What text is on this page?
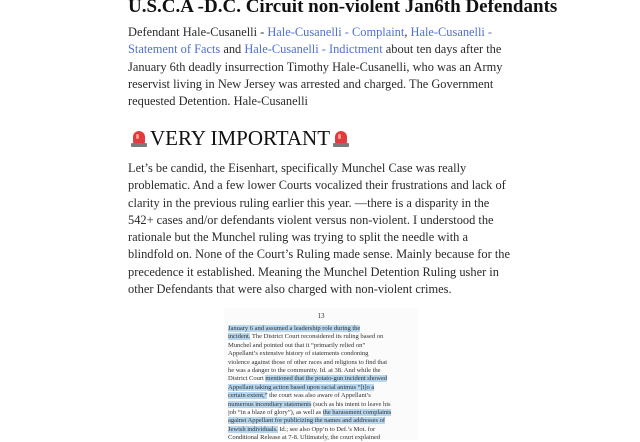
U.S.C.A -D.C. Circuit non-violent Jan6th Defendants

Defendant Hale-Cusanelli - Hale-Cusanelli - Complaint, Hale-Cusanelli - Statement of Facts and Hale-Cusanelli - Indictment about ten days after the January 6th deadly insurrection Timothy Hale-Cusanelli, who was an Army reservist living in New Jersey was arrested and charged. The Government requested Detention. Hale-Cusanelli

VERY IMPORTANT

Let’s be candid, the Eisenhart, specifically Munchel Case was really problematic. And a few lower Courts vocalized their frustrations and lack of clarity in the previous ruling earlier this year. —there is a disparity in the 542+ cases and/or defendants violent versus non-violent. I understood the rationale but the Munchel ruling was trying to split the needle with a blindfold on. None of the Court’s Ruling made sense. Mainly because for the precedence it established. Meaning the Munchel Detention Ruling usher in other Defendants that were also charged with non-violent crimes.

13
January 6 and assumed a leadership role during the
incident. The District Court reconsidered its ruling based on
Munchel and pointed out that it “primarily relied on”
Appellant’s extensive history of statements condoning
violence against those of other races and religions to find that
he was a danger to the community. Id. at 38. And while the
District Court mentioned that the potato-gun incident showed
Appellant taking action based upon racial animus “[t]o a
certain extent,” the court was also aware of Appellant’s
numerous incendiary statements (such as his intent to leave his
job “in a blaze of glory”), as well as the harassment complaints
against Appellant for publicizing the names and addresses of
Jewish individuals. Id.; see also Opp’n to Def.’s Mot. for
Conditional Release at 7-8. Ultimately, the court explained
